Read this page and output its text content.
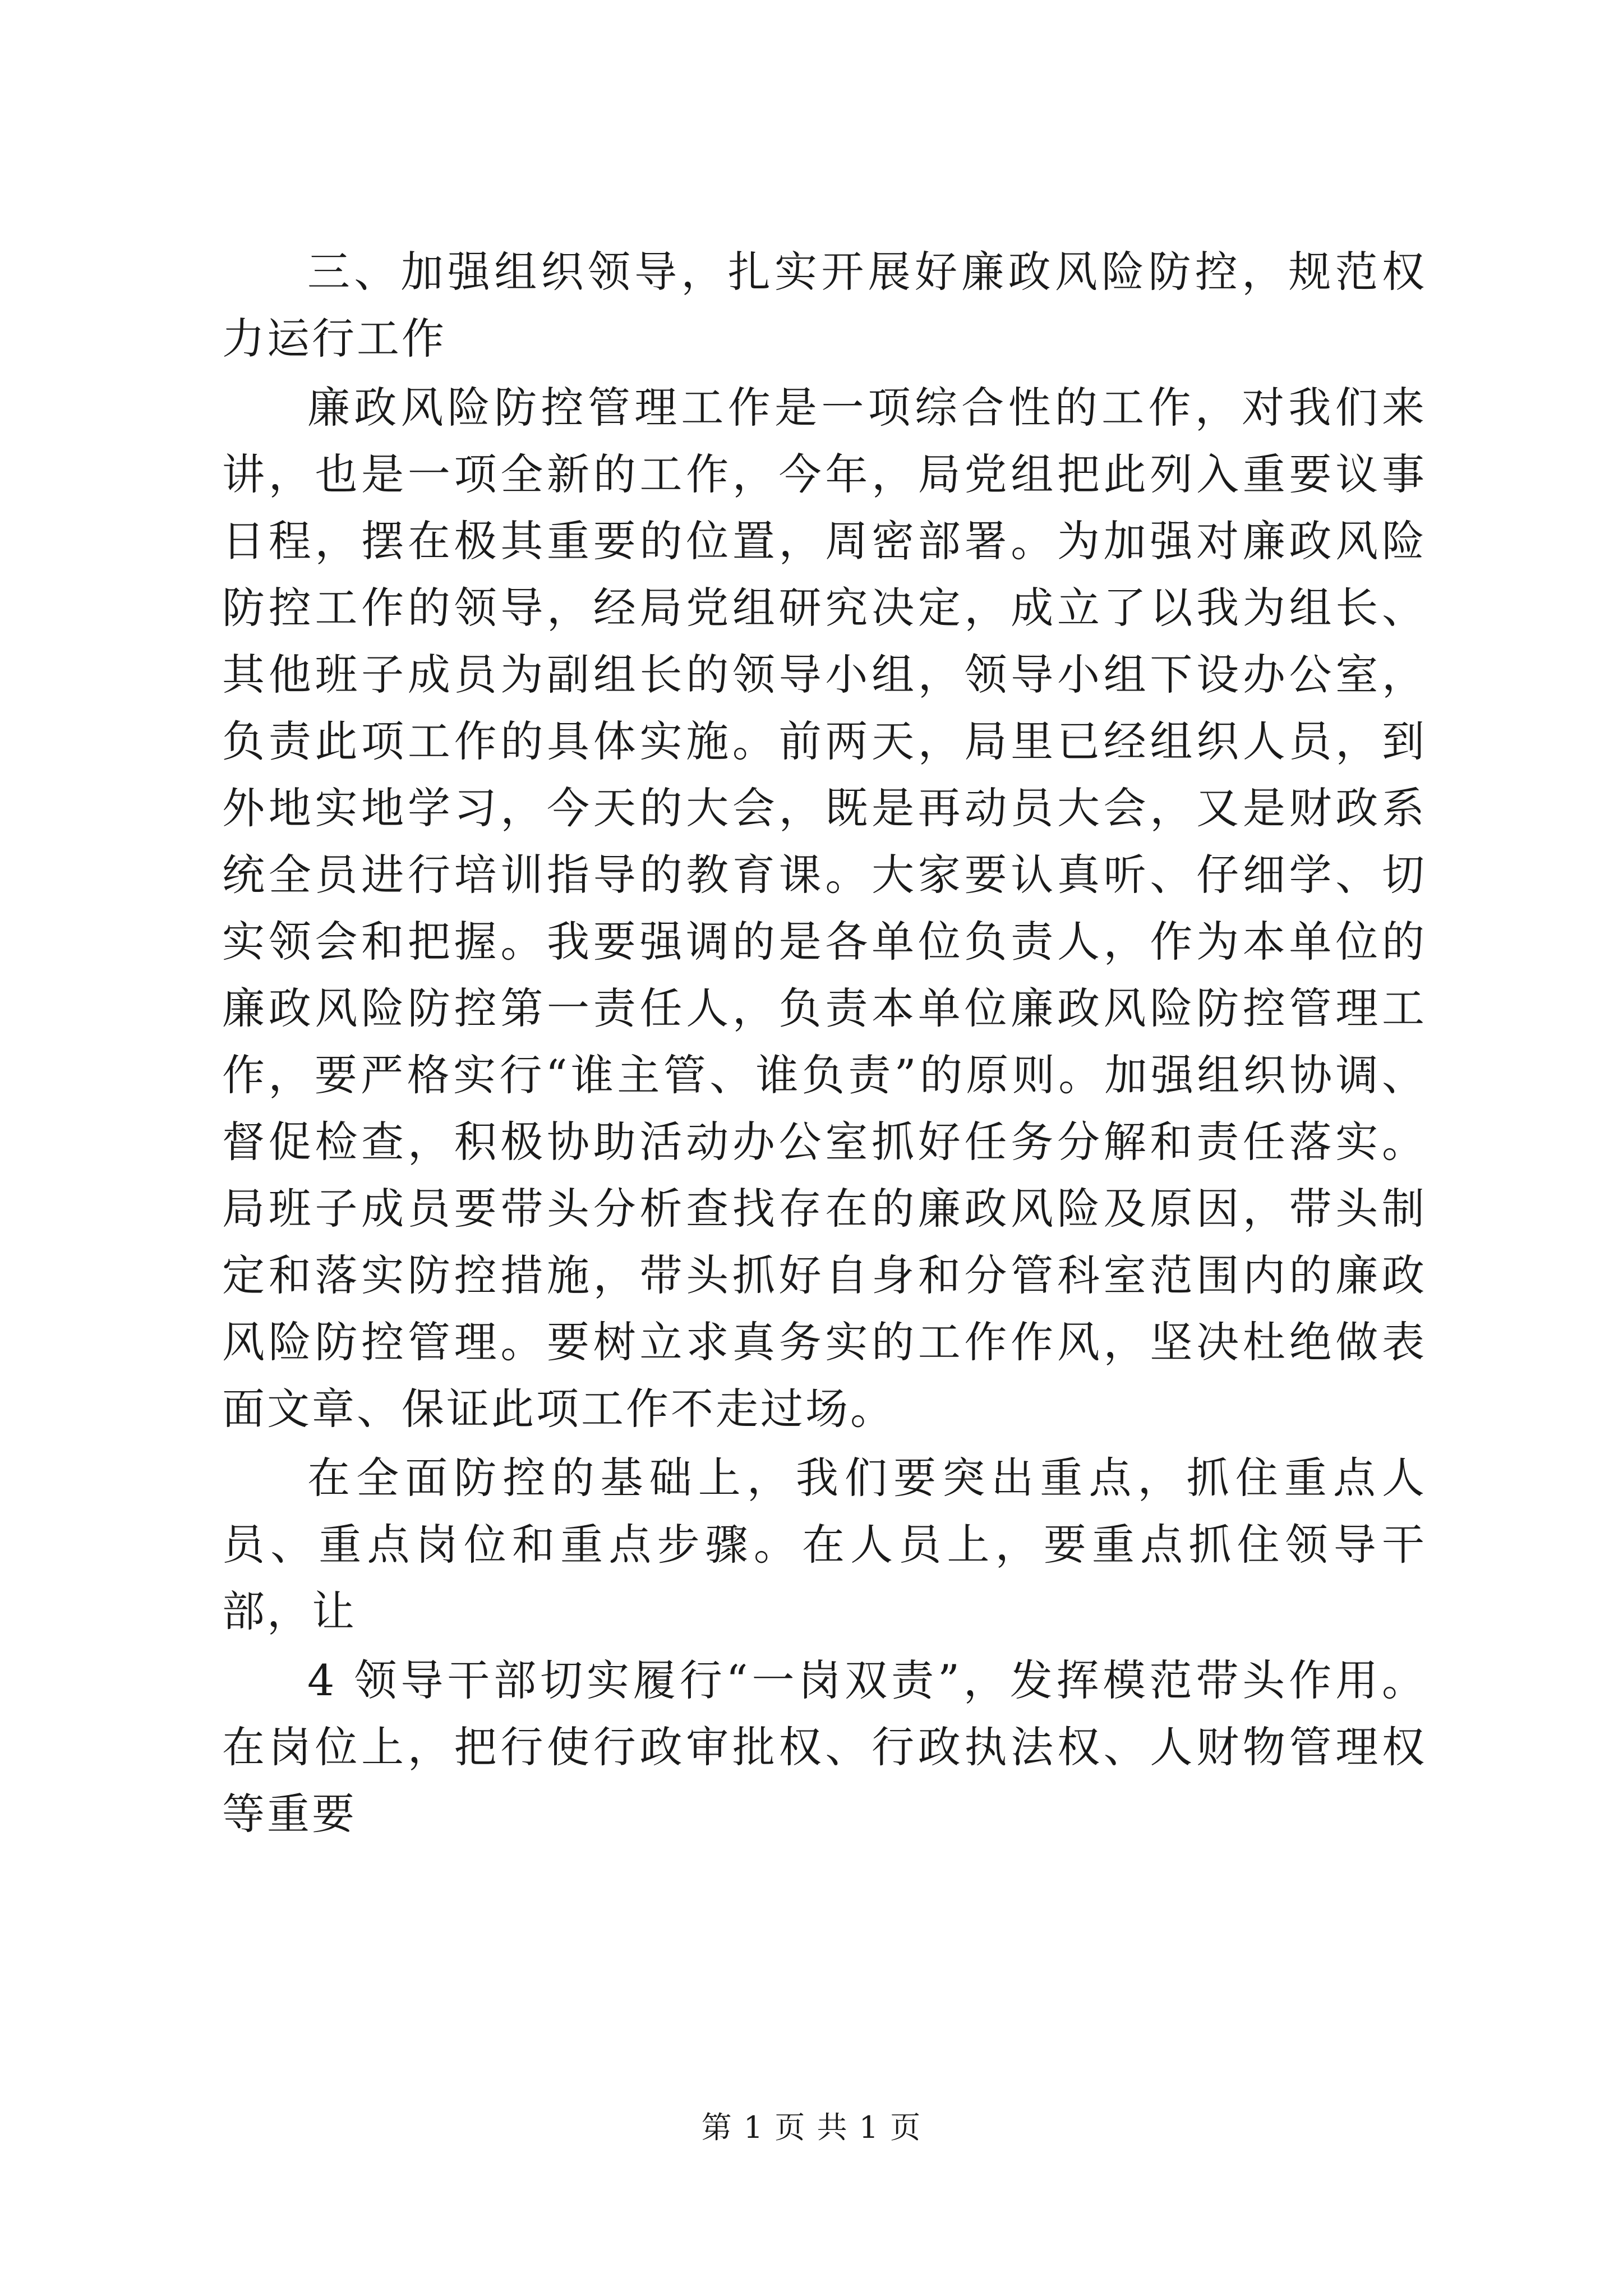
三、加强组织领导，扎实开展好廉政风险防控，规范权力运行工作

廉政风险防控管理工作是一项综合性的工作，对我们来讲，也是一项全新的工作，今年，局党组把此列入重要议事日程，摆在极其重要的位置，周密部署。为加强对廉政风险防控工作的领导，经局党组研究决定，成立了以我为组长、其他班子成员为副组长的领导小组，领导小组下设办公室，负责此项工作的具体实施。前两天，局里已经组织人员，到外地实地学习，今天的大会，既是再动员大会，又是财政系统全员进行培训指导的教育课。大家要认真听、仔细学、切实领会和把握。我要强调的是各单位负责人，作为本单位的廉政风险防控第一责任人，负责本单位廉政风险防控管理工作，要严格实行“谁主管、谁负责”的原则。加强组织协调、督促检查，积极协助活动办公室抓好任务分解和责任落实。局班子成员要带头分析查找存在的廉政风险及原因，带头制定和落实防控措施，带头抓好自身和分管科室范围内的廉政风险防控管理。要树立求真务实的工作作风，坚决杜绝做表面文章、保证此项工作不走过场。

在全面防控的基础上，我们要突出重点，抓住重点人员、重点岗位和重点步骤。在人员上，要重点抓住领导干部，让

4 领导干部切实履行“一岗双责”，发挥模范带头作用。在岗位上，把行使行政审批权、行政执法权、人财物管理权等重要

第 1 页 共 1 页
